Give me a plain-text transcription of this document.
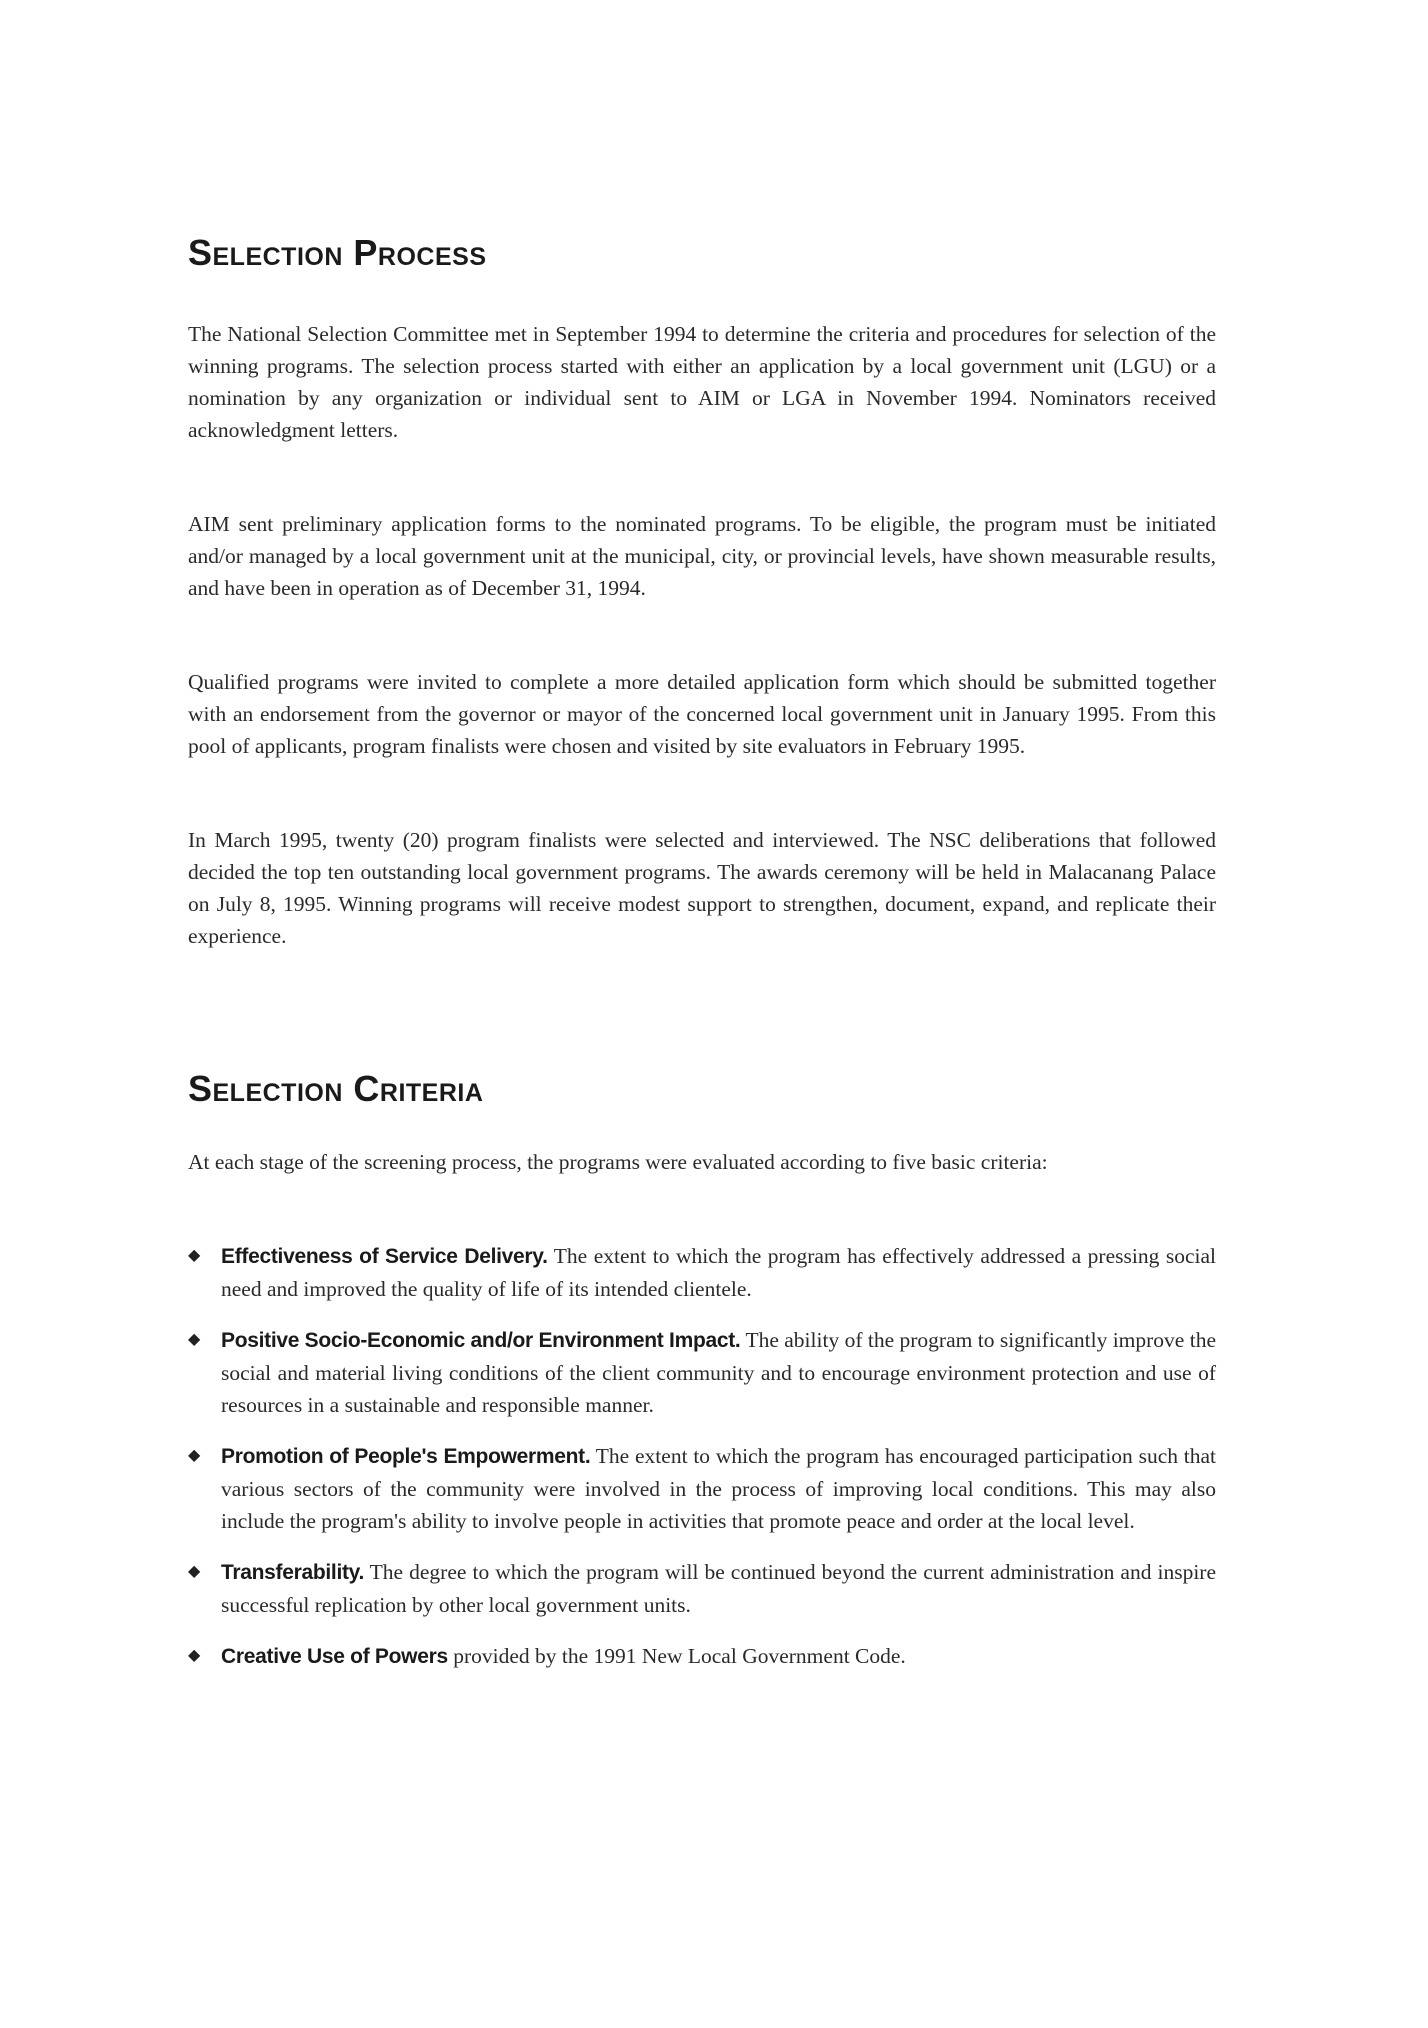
Selection Process

The National Selection Committee met in September 1994 to determine the criteria and procedures for selection of the winning programs. The selection process started with either an application by a local government unit (LGU) or a nomination by any organization or individual sent to AIM or LGA in November 1994. Nominators received acknowledgment letters.

AIM sent preliminary application forms to the nominated programs. To be eligible, the program must be initiated and/or managed by a local government unit at the municipal, city, or provincial levels, have shown measurable results, and have been in operation as of December 31, 1994.

Qualified programs were invited to complete a more detailed application form which should be submitted together with an endorsement from the governor or mayor of the concerned local government unit in January 1995. From this pool of applicants, program finalists were chosen and visited by site evaluators in February 1995.

In March 1995, twenty (20) program finalists were selected and interviewed. The NSC deliberations that followed decided the top ten outstanding local government programs. The awards ceremony will be held in Malacanang Palace on July 8, 1995. Winning programs will receive modest support to strengthen, document, expand, and replicate their experience.

Selection Criteria

At each stage of the screening process, the programs were evaluated according to five basic criteria:

◆ Effectiveness of Service Delivery. The extent to which the program has effectively addressed a pressing social need and improved the quality of life of its intended clientele.
◆ Positive Socio-Economic and/or Environment Impact. The ability of the program to significantly improve the social and material living conditions of the client community and to encourage environment protection and use of resources in a sustainable and responsible manner.
◆ Promotion of People's Empowerment. The extent to which the program has encouraged participation such that various sectors of the community were involved in the process of improving local conditions. This may also include the program's ability to involve people in activities that promote peace and order at the local level.
◆ Transferability. The degree to which the program will be continued beyond the current administration and inspire successful replication by other local government units.
◆ Creative Use of Powers provided by the 1991 New Local Government Code.
